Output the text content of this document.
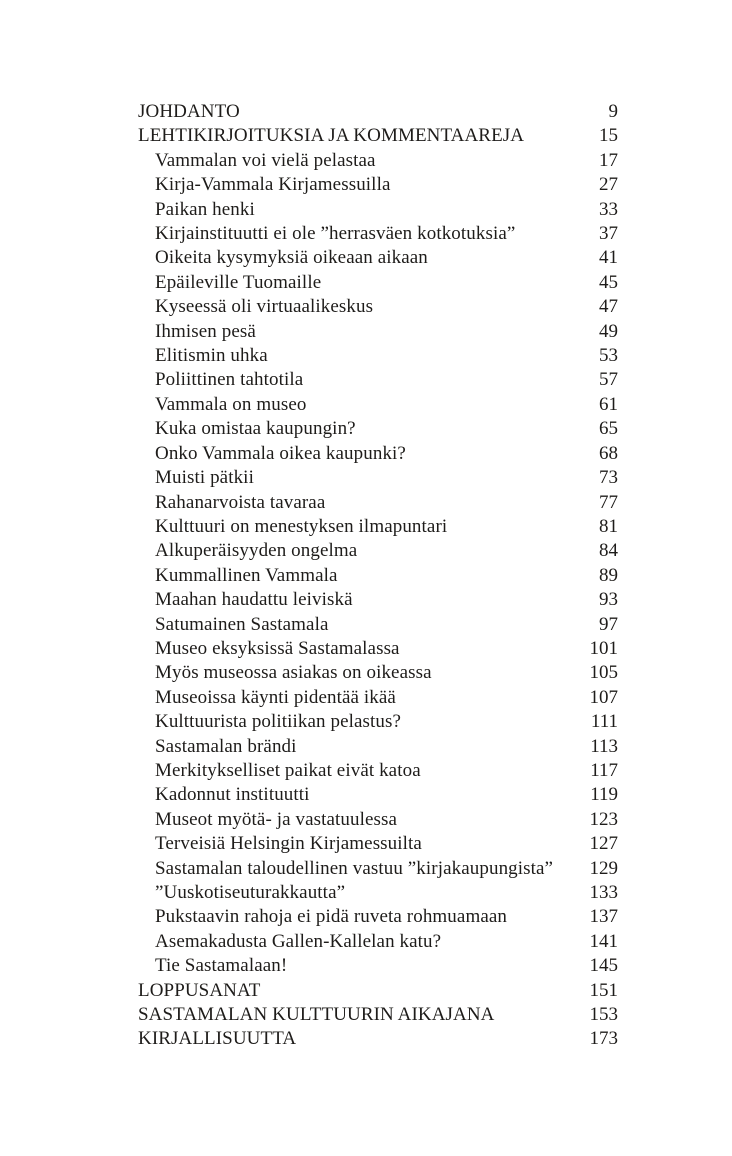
JOHDANTO	9
LEHTIKIRJOITUKSIA JA KOMMENTAAREJA	15
Vammalan voi vielä pelastaa	17
Kirja-Vammala Kirjamessuilla	27
Paikan henki	33
Kirjainstituutti ei ole ”herrasväen kotkotuksia”	37
Oikeita kysymyksiä oikeaan aikaan	41
Epäileville Tuomaille	45
Kyseessä oli virtuaalikeskus	47
Ihmisen pesä	49
Elitismin uhka	53
Poliittinen tahtotila	57
Vammala on museo	61
Kuka omistaa kaupungin?	65
Onko Vammala oikea kaupunki?	68
Muisti pätkii	73
Rahanarvoista tavaraa	77
Kulttuuri on menestyksen ilmapuntari	81
Alkuperäisyyden ongelma	84
Kummallinen Vammala	89
Maahan haudattu leiviskä	93
Satumainen Sastamala	97
Museo eksyksissä Sastamalassa	101
Myös museossa asiakas on oikeassa	105
Museoissa käynti pidentää ikää	107
Kulttuurista politiikan pelastus?	111
Sastamalan brändi	113
Merkitykselliset paikat eivät katoa	117
Kadonnut instituutti	119
Museot myötä- ja vastatuulessa	123
Terveisiä Helsingin Kirjamessuilta	127
Sastamalan taloudellinen vastuu ”kirjakaupungista” 129
”Uuskotiseuturakkautta”	133
Pukstaavin rahoja ei pidä ruveta rohmuamaan	137
Asemakadusta Gallen-Kallelan katu?	141
Tie Sastamalaan!	145
LOPPUSANAT	151
SASTAMALAN KULTTUURIN AIKAJANA	153
KIRJALLISUUTTA	173
